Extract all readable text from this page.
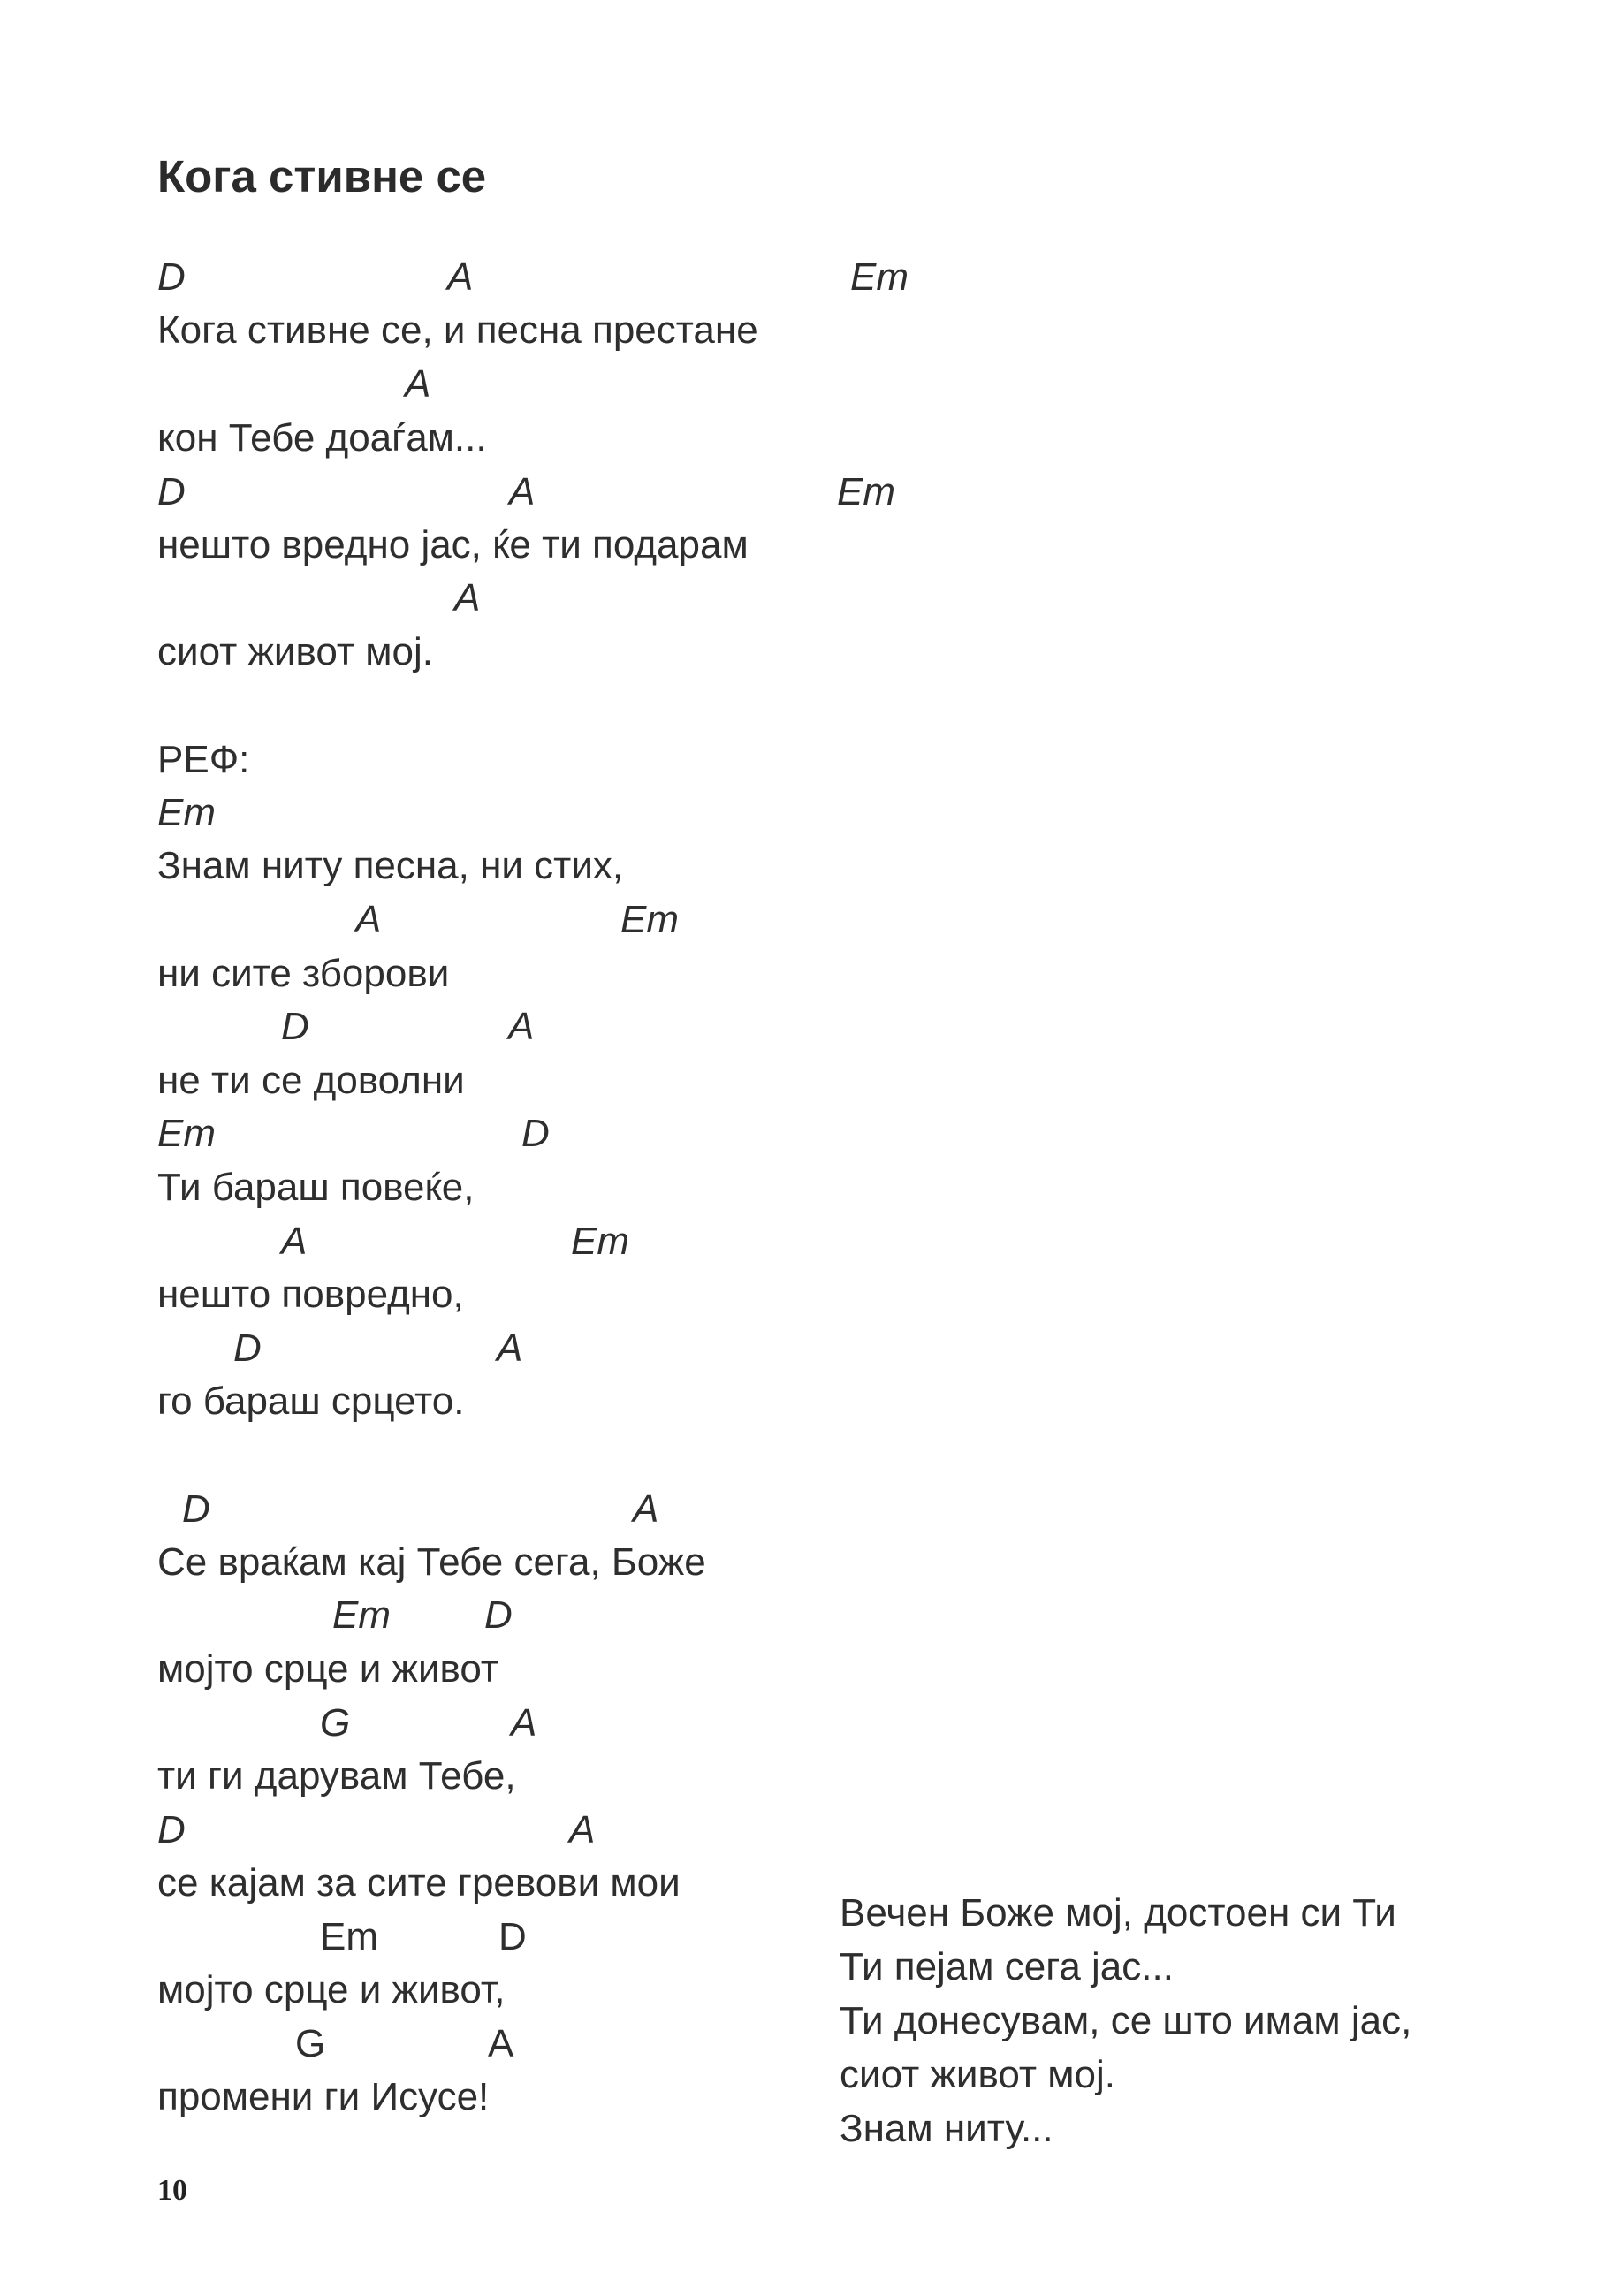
Кога стивне се
D	A	Em
Кога стивне се, и песна престане
A
кон Тебе доаѓам...
D	A	Em
нешто вредно јас, ќе ти подарам
A
сиот живот мој.
РЕФ:
Em
Знам ниту песна, ни стих,
A	Em
ни сите зборови
D	A
не ти се доволни
Em	D
Ти бараш повеќе,
A	Em
нешто повредно,
D	A
го бараш срцето.
D	A
Се враќам кај Тебе сега, Боже
Em D
мојто срце и живот
G	A
ти ги дарувам Тебе,
D	A
се кајам за сите гревови мои
Em	D
мојто срце и живот,
G	A
промени ги Исусе!
Вечен Боже мој, достоен си Ти
Ти пејам сега јас...
Ти донесувам, се што имам јас,
сиот живот мој.
Знам ниту...
10
